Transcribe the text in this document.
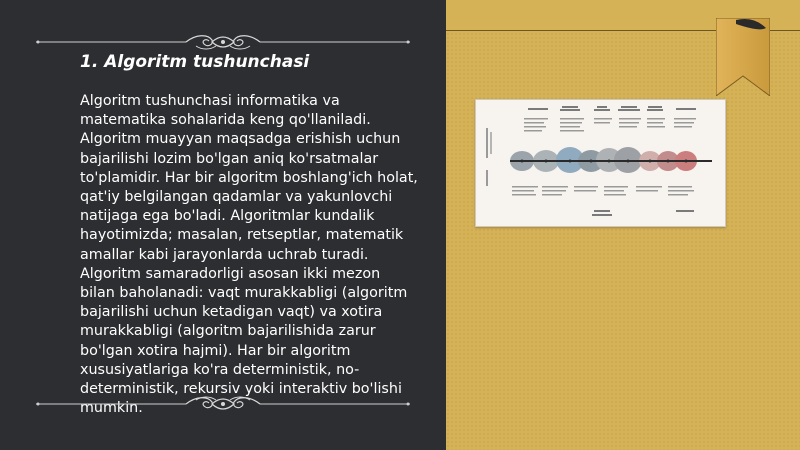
1. Algoritm tushunchasi
Algoritm tushunchasi informatika va matematika sohalarida keng qo'llaniladi. Algoritm muayyan maqsadga erishish uchun bajarilishi lozim bo'lgan aniq ko'rsatmalar to'plamidir. Har bir algoritm boshlang'ich holat, qat'iy belgilangan qadamlar va yakunlovchi natijaga ega bo'ladi. Algoritmlar kundalik hayotimizda; masalan, retseptlar, matematik amallar kabi jarayonlarda uchrab turadi. Algoritm samaradorligi asosan ikki mezon bilan baholanadi: vaqt murakkabligi (algoritm bajarilishi uchun ketadigan vaqt) va xotira murakkabligi (algoritm bajarilishida zarur bo'lgan xotira hajmi). Har bir algoritm xususiyatlariga ko'ra deterministik, no-deterministik, rekursiv yoki interaktiv bo'lishi mumkin.
